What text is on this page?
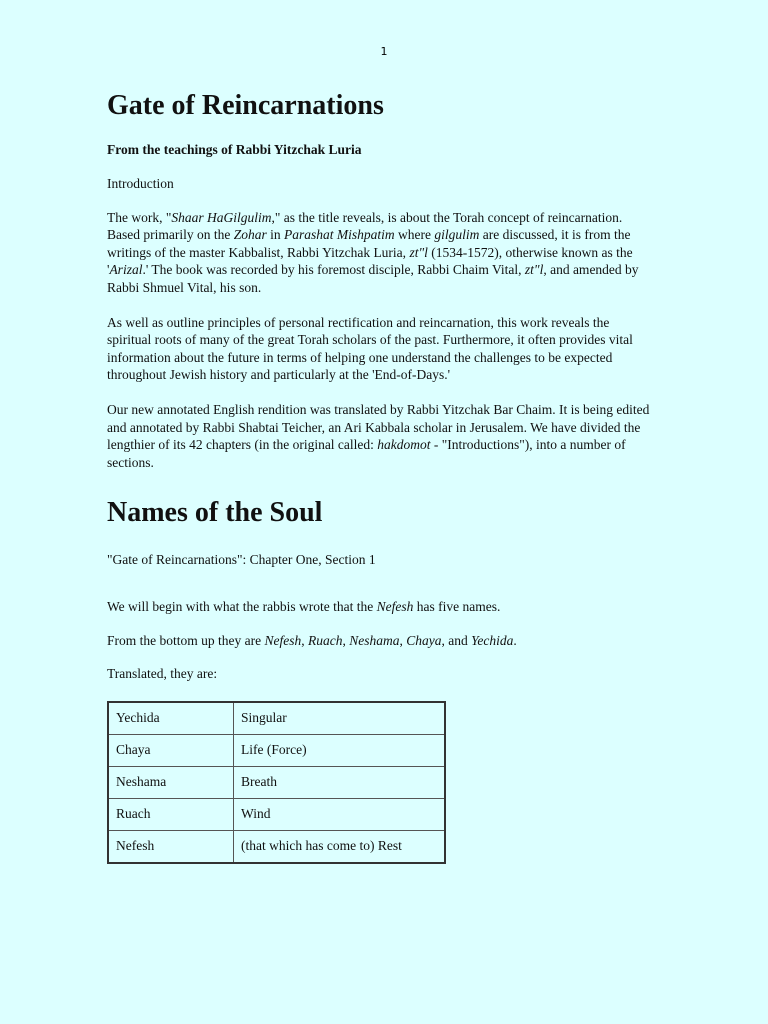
1
Gate of Reincarnations
From the teachings of Rabbi Yitzchak Luria

Introduction

The work, "Shaar HaGilgulim," as the title reveals, is about the Torah concept of reincarnation. Based primarily on the Zohar in Parashat Mishpatim where gilgulim are discussed, it is from the writings of the master Kabbalist, Rabbi Yitzchak Luria, zt"l (1534-1572), otherwise known as the 'Arizal.' The book was recorded by his foremost disciple, Rabbi Chaim Vital, zt"l, and amended by Rabbi Shmuel Vital, his son.

As well as outline principles of personal rectification and reincarnation, this work reveals the spiritual roots of many of the great Torah scholars of the past. Furthermore, it often provides vital information about the future in terms of helping one understand the challenges to be expected throughout Jewish history and particularly at the 'End-of-Days.'

Our new annotated English rendition was translated by Rabbi Yitzchak Bar Chaim. It is being edited and annotated by Rabbi Shabtai Teicher, an Ari Kabbala scholar in Jerusalem. We have divided the lengthier of its 42 chapters (in the original called: hakdomot - "Introductions"), into a number of sections.

Names of the Soul

"Gate of Reincarnations": Chapter One, Section 1

We will begin with what the rabbis wrote that the Nefesh has five names.

From the bottom up they are Nefesh, Ruach, Neshama, Chaya, and Yechida.

Translated, they are:

Yechida	Singular
Chaya	Life (Force)
Neshama	Breath
Ruach	Wind
Nefesh	(that which has come to) Rest
